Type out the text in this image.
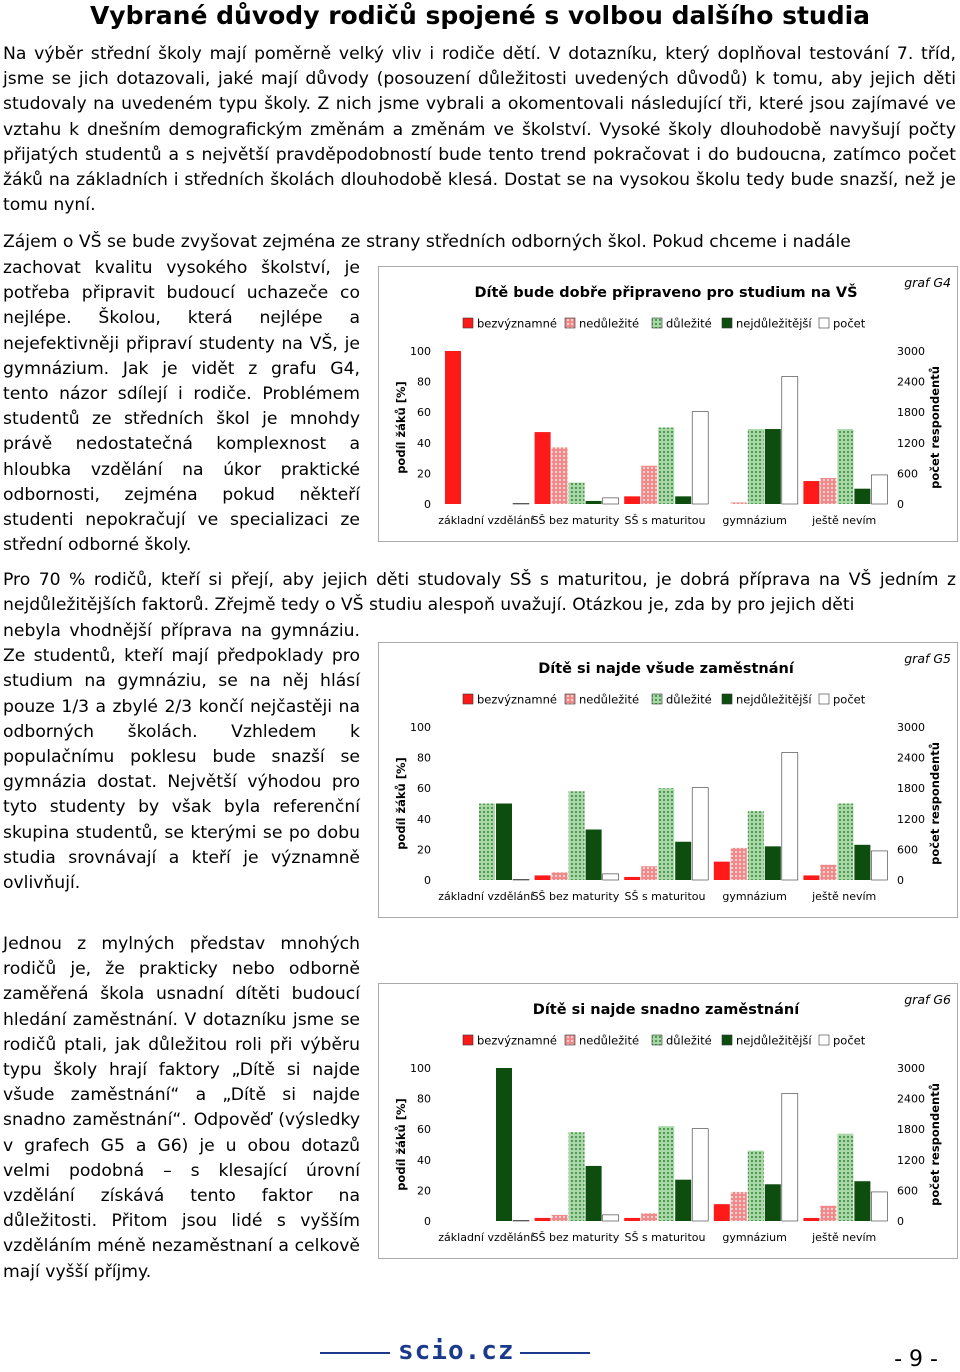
Vybrané důvody rodičů spojené s volbou dalšího studia
Na výběr střední školy mají poměrně velký vliv i rodiče dětí. V dotazníku, který doplňoval testování 7. tříd, jsme se jich dotazovali, jaké mají důvody (posouzení důležitosti uvedených důvodů) k tomu, aby jejich děti studovaly na uvedeném typu školy. Z nich jsme vybrali a okomentovali následující tři, které jsou zajímavé ve vztahu k dnešním demografickým změnám a změnám ve školství. Vysoké školy dlouhodobě navyšují počty přijatých studentů a s největší pravděpodobností bude tento trend pokračovat i do budoucna, zatímco počet žáků na základních i středních školách dlouhodobě klesá. Dostat se na vysokou školu tedy bude snazší, než je tomu nyní.
Zájem o VŠ se bude zvyšovat zejména ze strany středních odborných škol. Pokud chceme i nadále
zachovat kvalitu vysokého školství, je potřeba připravit budoucí uchazeče co nejlépe. Školou, která nejlépe a nejefektivněji připraví studenty na VŠ, je gymnázium. Jak je vidět z grafu G4, tento názor sdílejí i rodiče. Problémem studentů ze středních škol je mnohdy právě nedostatečná komplexnost a hloubka vzdělání na úkor praktické odbornosti, zejména pokud někteří studenti nepokračují ve specializaci ze střední odborné školy.
Pro 70 % rodičů, kteří si přejí, aby jejich děti studovaly SŠ s maturitou, je dobrá příprava na VŠ jedním z nejdůležitějších faktorů. Zřejmě tedy o VŠ studiu alespoň uvažují. Otázkou je, zda by pro jejich děti
nebyla vhodnější příprava na gymnáziu. Ze studentů, kteří mají předpoklady pro studium na gymnáziu, se na něj hlásí pouze 1/3 a zbylé 2/3 končí nejčastěji na odborných školách. Vzhledem k populačnímu poklesu bude snazší se gymnázia dostat. Největší výhodou pro tyto studenty by však byla referenční skupina studentů, se kterými se po dobu studia srovnávají a kteří je významně ovlivňují.
Jednou z mylných představ mnohých rodičů je, že prakticky nebo odborně zaměřená škola usnadní dítěti budoucí hledání zaměstnání. V dotazníku jsme se rodičů ptali, jak důležitou roli při výběru typu školy hrají faktory „Dítě si najde všude zaměstnání“ a „Dítě si najde snadno zaměstnání“. Odpověď (výsledky v grafech G5 a G6) je u obou dotazů velmi podobná – s klesající úrovní vzdělání získává tento faktor na důležitosti. Přitom jsou lidé s vyšším vzděláním méně nezaměstnaní a celkově mají vyšší příjmy.
Dítě bude dobře připraveno pro studium na VŠ
graf G4
bezvýznamné nedůležité důležité nejdůležitější počet
100
80
60
40
20
0
3000
2400
1800
1200
600
0
podíl žáků [%]	počet respondentů
základní vzdělání
SŠ bez maturity SŠ s maturitou gymnázium ještě nevím
Dítě si najde všude zaměstnání
graf G5
bezvýznamné nedůležité důležité nejdůležitější počet
100
80
60
40
20
0
3000
2400
1800
1200
600
0
podíl žáků [%]	počet respondentů
základní vzdělání
SŠ bez maturity SŠ s maturitou gymnázium ještě nevím
Dítě si najde snadno zaměstnání
graf G6
bezvýznamné nedůležité důležité nejdůležitější počet
100
80
60
40
20
0
3000
2400
1800
1200
600
0
podíl žáků [%]	počet respondentů
základní vzdělání
SŠ bez maturity SŠ s maturitou gymnázium ještě nevím
scio.cz	- 9 -
